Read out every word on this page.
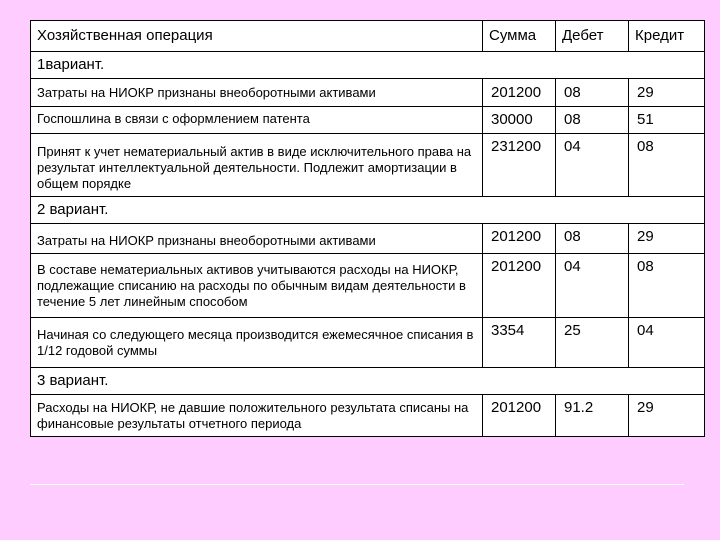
Хозяйственная операция	Сумма	Дебет	Кредит
1вариант.			
Затраты на НИОКР признаны внеоборотными активами	201200	08	29
Госпошлина в связи с оформлением патента	30000	08	51
Принят к учет нематериальный актив в виде исключительного права на результат интеллектуальной деятельности. Подлежит амортизации в общем порядке	231200	04	08
2 вариант.			
Затраты на НИОКР признаны внеоборотными активами	201200	08	29
В составе нематериальных активов учитываются расходы на НИОКР, подлежащие списанию на расходы по обычным видам деятельности в течение 5 лет линейным способом	201200	04	08
Начиная со следующего месяца производится ежемесячное списания в 1/12 годовой суммы	3354	25	04
3 вариант.			
Расходы на НИОКР, не давшие положительного результата списаны на финансовые результаты отчетного периода	201200	91.2	29
